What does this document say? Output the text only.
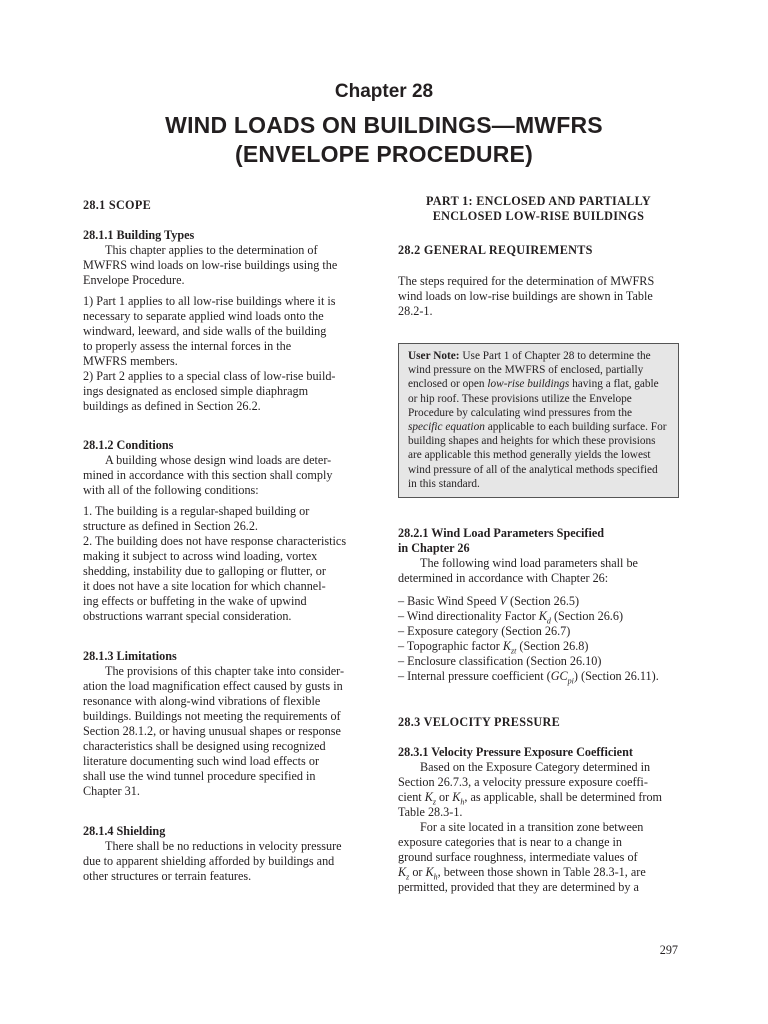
Chapter 28
WIND LOADS ON BUILDINGS—MWFRS
(ENVELOPE PROCEDURE)
28.1 SCOPE
28.1.1 Building Types
This chapter applies to the determination of
MWFRS wind loads on low-rise buildings using the
Envelope Procedure.
1) Part 1 applies to all low-rise buildings where it is
necessary to separate applied wind loads onto the
windward, leeward, and side walls of the building
to properly assess the internal forces in the
MWFRS members.
2) Part 2 applies to a special class of low-rise build-
ings designated as enclosed simple diaphragm
buildings as defined in Section 26.2.
28.1.2 Conditions
A building whose design wind loads are deter-
mined in accordance with this section shall comply
with all of the following conditions:
1. The building is a regular-shaped building or
structure as defined in Section 26.2.
2. The building does not have response characteristics
making it subject to across wind loading, vortex
shedding, instability due to galloping or flutter, or
it does not have a site location for which channel-
ing effects or buffeting in the wake of upwind
obstructions warrant special consideration.
28.1.3 Limitations
The provisions of this chapter take into consider-
ation the load magnification effect caused by gusts in
resonance with along-wind vibrations of flexible
buildings. Buildings not meeting the requirements of
Section 28.1.2, or having unusual shapes or response
characteristics shall be designed using recognized
literature documenting such wind load effects or
shall use the wind tunnel procedure specified in
Chapter 31.
28.1.4 Shielding
There shall be no reductions in velocity pressure
due to apparent shielding afforded by buildings and
other structures or terrain features.
PART 1: ENCLOSED AND PARTIALLY
ENCLOSED LOW-RISE BUILDINGS
28.2 GENERAL REQUIREMENTS
The steps required for the determination of MWFRS
wind loads on low-rise buildings are shown in Table
28.2-1.
User Note: Use Part 1 of Chapter 28 to determine the
wind pressure on the MWFRS of enclosed, partially
enclosed or open low-rise buildings having a flat, gable
or hip roof. These provisions utilize the Envelope
Procedure by calculating wind pressures from the
specific equation applicable to each building surface. For
building shapes and heights for which these provisions
are applicable this method generally yields the lowest
wind pressure of all of the analytical methods specified
in this standard.
28.2.1 Wind Load Parameters Specified
in Chapter 26
The following wind load parameters shall be
determined in accordance with Chapter 26:
– Basic Wind Speed V (Section 26.5)
– Wind directionality Factor $K_d$ (Section 26.6)
– Exposure category (Section 26.7)
– Topographic factor $K_{zt}$ (Section 26.8)
– Enclosure classification (Section 26.10)
– Internal pressure coefficient $(GC_{pi})$ (Section 26.11).
28.3 VELOCITY PRESSURE
28.3.1 Velocity Pressure Exposure Coefficient
Based on the Exposure Category determined in
Section 26.7.3, a velocity pressure exposure coeffi-
cient $K_z$ or $K_h$, as applicable, shall be determined from
Table 28.3-1.
For a site located in a transition zone between
exposure categories that is near to a change in
ground surface roughness, intermediate values of
$K_z$ or $K_h$, between those shown in Table 28.3-1, are
permitted, provided that they are determined by a
297
